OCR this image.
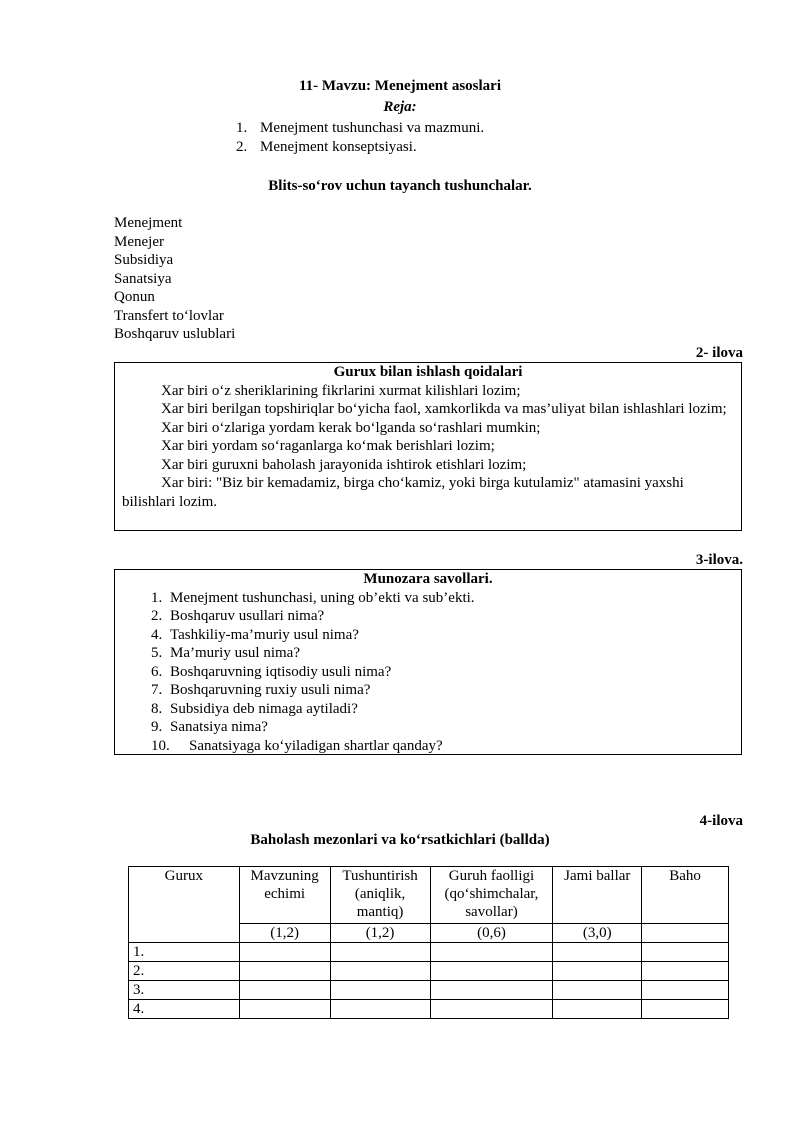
11- Mavzu: Menejment asoslari
Reja:
1. Menejment tushunchasi va mazmuni.
2. Menejment konseptsiyasi.
Blits-so‘rov uchun tayanch tushunchalar.
Menejment
Menejer
Subsidiya
Sanatsiya
Qonun
Transfert to‘lovlar
Boshqaruv uslublari
2- ilova
Gurux bilan ishlash qoidalari
Xar biri o‘z sheriklarining fikrlarini xurmat kilishlari lozim;
Xar biri berilgan topshiriqlar bo‘yicha faol, xamkorlikda va mas’uliyat bilan ishlashlari lozim;
Xar biri o‘zlariga yordam kerak bo‘lganda so‘rashlari mumkin;
Xar biri yordam so‘raganlarga ko‘mak berishlari lozim;
Xar biri guruxni baholash jarayonida ishtirok etishlari lozim;
Xar biri: "Biz bir kemadamiz, birga cho‘kamiz, yoki birga kutulamiz" atamasini yaxshi bilishlari lozim.
3-ilova.
Munozara savollari.
1. Menejment tushunchasi, uning ob’ekti va sub’ekti.
2. Boshqaruv usullari nima?
4. Tashkiliy-ma’muriy usul nima?
5. Ma’muriy usul nima?
6. Boshqaruvning iqtisodiy usuli nima?
7. Boshqaruvning ruxiy usuli nima?
8. Subsidiya deb nimaga aytiladi?
9. Sanatsiya nima?
10.	Sanatsiyaga ko‘yiladigan shartlar qanday?
4-ilova
Baholash mezonlari va ko‘rsatkichlari (ballda)
Gurux	Mavzuning echimi	Tushuntirish (aniqlik, mantiq)	Guruh faolligi (qo‘shimchalar, savollar)	Jami ballar	Baho
	(1,2)	(1,2)	(0,6)	(3,0)	
1.					
2.					
3.					
4.					
